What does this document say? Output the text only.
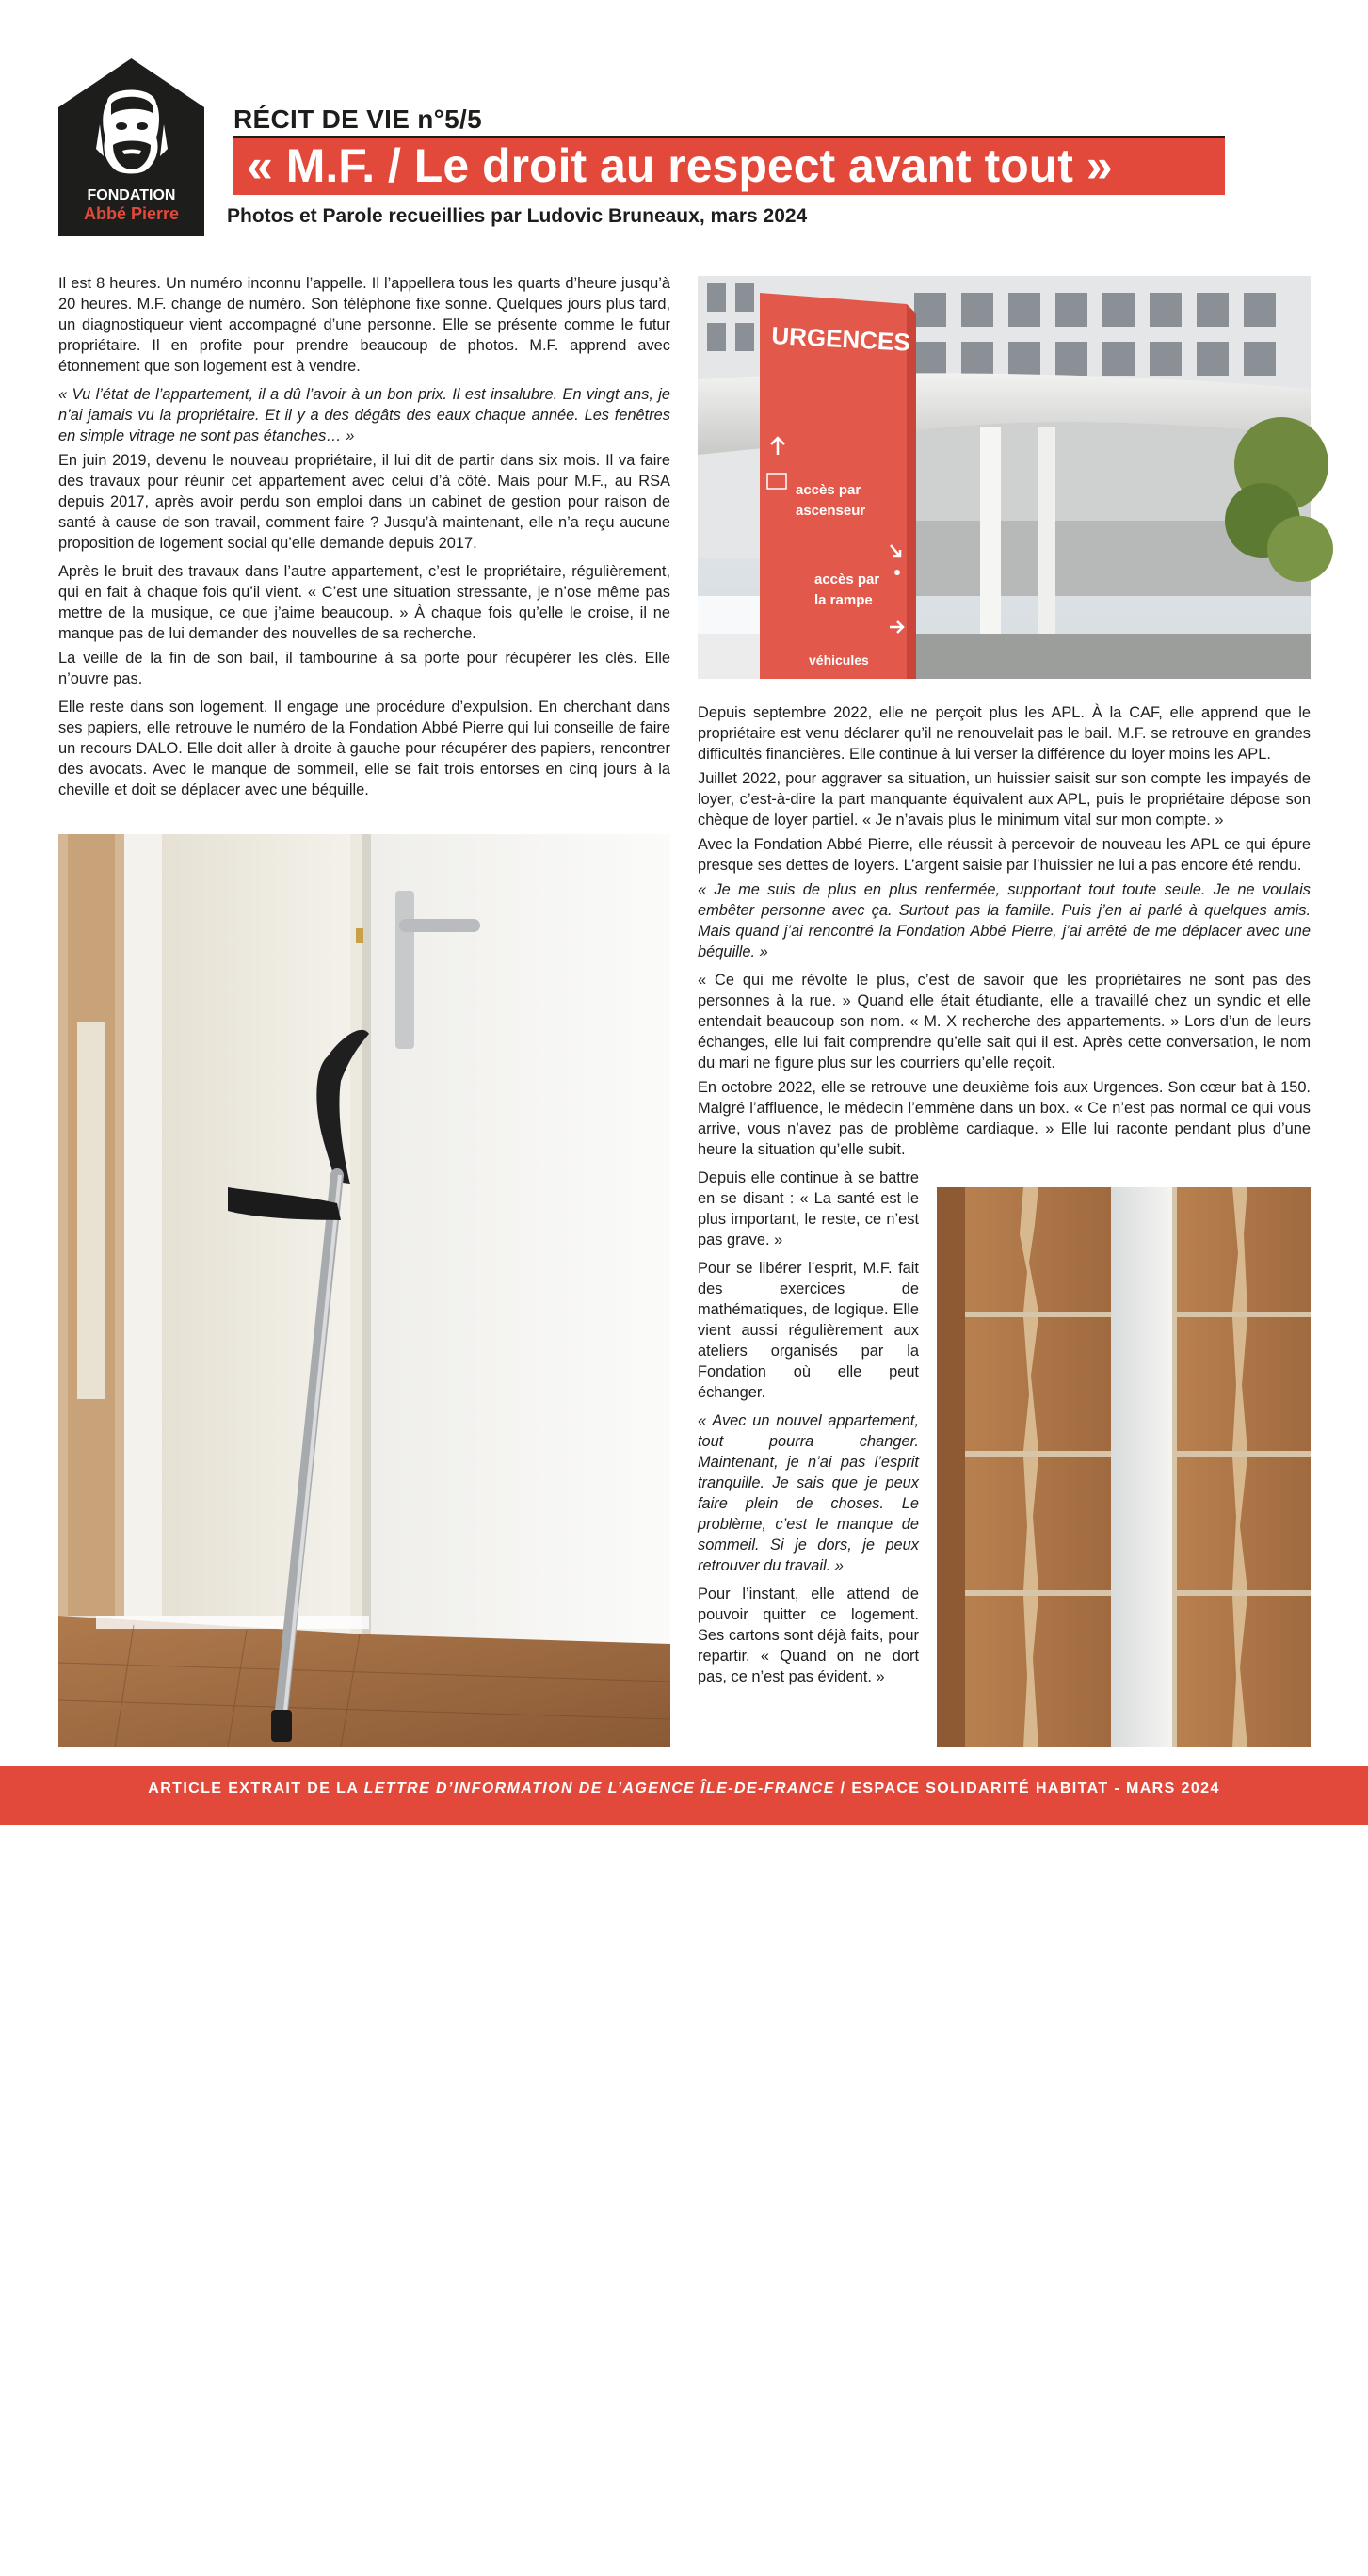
FONDATION
Abbé Pierre
RÉCIT DE VIE n°5/5
« M.F. / Le droit au respect avant tout »
Photos et Parole recueillies par Ludovic Bruneaux, mars 2024

Il est 8 heures. Un numéro inconnu l’appelle. Il l’appellera tous les quarts d’heure jusqu’à 20 heures. M.F. change de numéro. Son téléphone fixe sonne. Quelques jours plus tard, un diagnostiqueur vient accompagné d’une personne. Elle se présente comme le futur propriétaire. Il en profite pour prendre beaucoup de photos. M.F. apprend avec étonnement que son logement est à vendre.

« Vu l’état de l’appartement, il a dû l’avoir à un bon prix. Il est insalubre. En vingt ans, je n’ai jamais vu la propriétaire. Et il y a des dégâts des eaux chaque année. Les fenêtres en simple vitrage ne sont pas étanches… »

En juin 2019, devenu le nouveau propriétaire, il lui dit de partir dans six mois. Il va faire des travaux pour réunir cet appartement avec celui d’à côté. Mais pour M.F., au RSA depuis 2017, après avoir perdu son emploi dans un cabinet de gestion pour raison de santé à cause de son travail, comment faire ? Jusqu’à maintenant, elle n’a reçu aucune proposition de logement social qu’elle demande depuis 2017.

Après le bruit des travaux dans l’autre appartement, c’est le propriétaire, régulièrement, qui en fait à chaque fois qu’il vient. « C’est une situation stressante, je n’ose même pas mettre de la musique, ce que j’aime beaucoup. » À chaque fois qu’elle le croise, il ne manque pas de lui demander des nouvelles de sa recherche.

La veille de la fin de son bail, il tambourine à sa porte pour récupérer les clés. Elle n’ouvre pas.

Elle reste dans son logement. Il engage une procédure d’expulsion. En cherchant dans ses papiers, elle retrouve le numéro de la Fondation Abbé Pierre qui lui conseille de faire un recours DALO. Elle doit aller à droite à gauche pour récupérer des papiers, rencontrer des avocats. Avec le manque de sommeil, elle se fait trois entorses en cinq jours à la cheville et doit se déplacer avec une béquille.

URGENCES
accès par
ascenseur
accès par
la rampe
véhicules

Depuis septembre 2022, elle ne perçoit plus les APL. À la CAF, elle apprend que le propriétaire est venu déclarer qu’il ne renouvelait pas le bail. M.F. se retrouve en grandes difficultés financières. Elle continue à lui verser la différence du loyer moins les APL.

Juillet 2022, pour aggraver sa situation, un huissier saisit sur son compte les impayés de loyer, c’est-à-dire la part manquante équivalent aux APL, puis le propriétaire dépose son chèque de loyer partiel. « Je n’avais plus le minimum vital sur mon compte. »

Avec la Fondation Abbé Pierre, elle réussit à percevoir de nouveau les APL ce qui épure presque ses dettes de loyers. L’argent saisie par l’huissier ne lui a pas encore été rendu.

« Je me suis de plus en plus renfermée, supportant tout toute seule. Je ne voulais embêter personne avec ça. Surtout pas la famille. Puis j’en ai parlé à quelques amis. Mais quand j’ai rencontré la Fondation Abbé Pierre, j’ai arrêté de me déplacer avec une béquille. »

« Ce qui me révolte le plus, c’est de savoir que les propriétaires ne sont pas des personnes à la rue. » Quand elle était étudiante, elle a travaillé chez un syndic et elle entendait beaucoup son nom. « M. X recherche des appartements. » Lors d’un de leurs échanges, elle lui fait comprendre qu’elle sait qui il est. Après cette conversation, le nom du mari ne figure plus sur les courriers qu’elle reçoit.

En octobre 2022, elle se retrouve une deuxième fois aux Urgences. Son cœur bat à 150. Malgré l’affluence, le médecin l’emmène dans un box. « Ce n’est pas normal ce qui vous arrive, vous n’avez pas de problème cardiaque. » Elle lui raconte pendant plus d’une heure la situation qu’elle subit.

Depuis elle continue à se battre en se disant : « La santé est le plus important, le reste, ce n’est pas grave. »

Pour se libérer l’esprit, M.F. fait des exercices de mathématiques, de logique. Elle vient aussi régulièrement aux ateliers organisés par la Fondation où elle peut échanger.

« Avec un nouvel appartement, tout pourra changer. Maintenant, je n’ai pas l’esprit tranquille. Je sais que je peux faire plein de choses. Le problème, c’est le manque de sommeil. Si je dors, je peux retrouver du travail. »

Pour l’instant, elle attend de pouvoir quitter ce logement. Ses cartons sont déjà faits, pour repartir. « Quand on ne dort pas, ce n’est pas évident. »

©Ludovic Bruneaux
ARTICLE EXTRAIT DE LA LETTRE D’INFORMATION DE L’AGENCE ÎLE-DE-FRANCE / ESPACE SOLIDARITÉ HABITAT - MARS 2024
